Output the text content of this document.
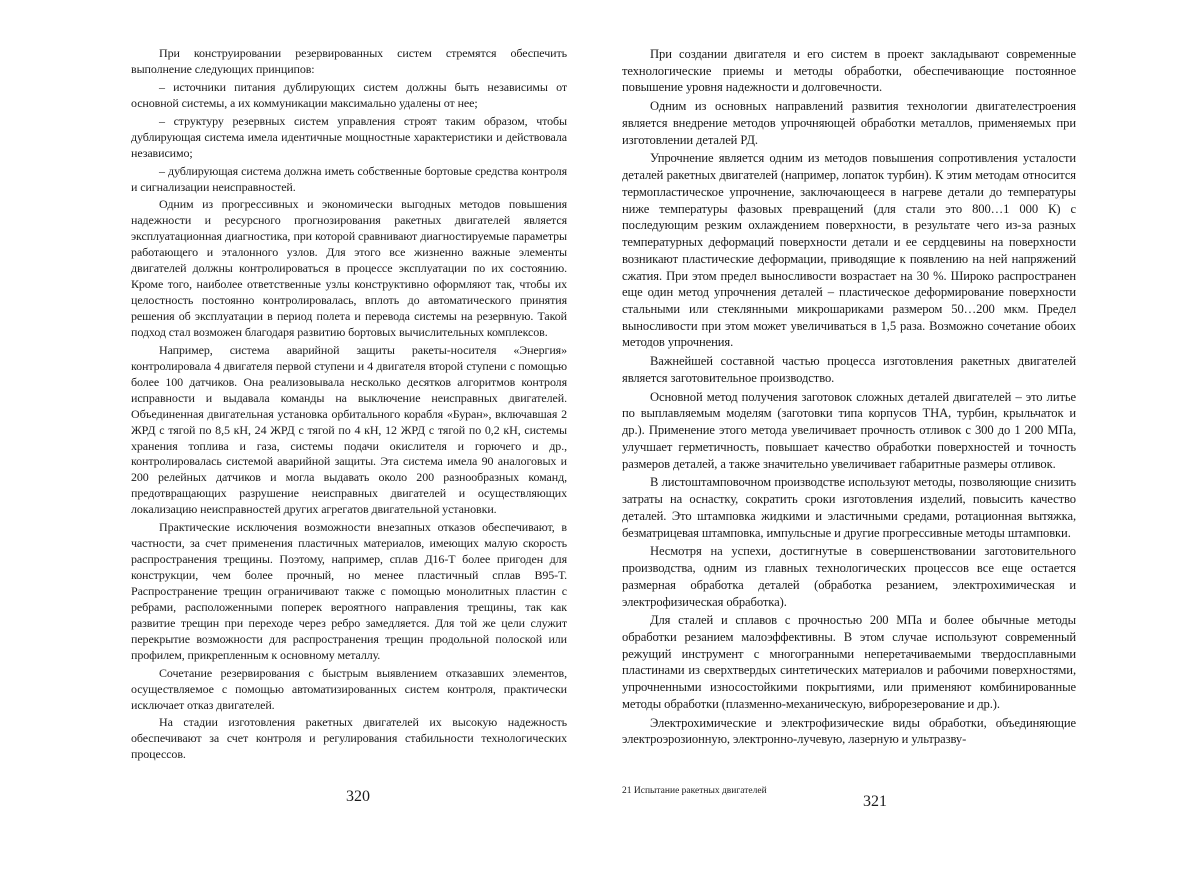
При конструировании резервированных систем стремятся обеспечить выполнение следующих принципов:

– источники питания дублирующих систем должны быть независимы от основной системы, а их коммуникации максимально удалены от нее;

– структуру резервных систем управления строят таким образом, чтобы дублирующая система имела идентичные мощностные характеристики и действовала независимо;

– дублирующая система должна иметь собственные бортовые средства контроля и сигнализации неисправностей.

Одним из прогрессивных и экономически выгодных методов повышения надежности и ресурсного прогнозирования ракетных двигателей является эксплуатационная диагностика, при которой сравнивают диагностируемые параметры работающего и эталонного узлов. Для этого все жизненно важные элементы двигателей должны контролироваться в процессе эксплуатации по их состоянию. Кроме того, наиболее ответственные узлы конструктивно оформляют так, чтобы их целостность постоянно контролировалась, вплоть до автоматического принятия решения об эксплуатации в период полета и перевода системы на резервную. Такой подход стал возможен благодаря развитию бортовых вычислительных комплексов.

Например, система аварийной защиты ракеты-носителя «Энергия» контролировала 4 двигателя первой ступени и 4 двигателя второй ступени с помощью более 100 датчиков. Она реализовывала несколько десятков алгоритмов контроля исправности и выдавала команды на выключение неисправных двигателей. Объединенная двигательная установка орбитального корабля «Буран», включавшая 2 ЖРД с тягой по 8,5 кН, 24 ЖРД с тягой по 4 кН, 12 ЖРД с тягой по 0,2 кН, системы хранения топлива и газа, системы подачи окислителя и горючего и др., контролировалась системой аварийной защиты. Эта система имела 90 аналоговых и 200 релейных датчиков и могла выдавать около 200 разнообразных команд, предотвращающих разрушение неисправных двигателей и осуществляющих локализацию неисправностей других агрегатов двигательной установки.

Практические исключения возможности внезапных отказов обеспечивают, в частности, за счет применения пластичных материалов, имеющих малую скорость распространения трещины. Поэтому, например, сплав Д16-Т более пригоден для конструкции, чем более прочный, но менее пластичный сплав В95-Т. Распространение трещин ограничивают также с помощью монолитных пластин с ребрами, расположенными поперек вероятного направления трещины, так как развитие трещин при переходе через ребро замедляется. Для той же цели служит перекрытие возможности для распространения трещин продольной полоской или профилем, прикрепленным к основному металлу.

Сочетание резервирования с быстрым выявлением отказавших элементов, осуществляемое с помощью автоматизированных систем контроля, практически исключает отказ двигателей.

На стадии изготовления ракетных двигателей их высокую надежность обеспечивают за счет контроля и регулирования стабильности технологических процессов.

320

При создании двигателя и его систем в проект закладывают современные технологические приемы и методы обработки, обеспечивающие постоянное повышение уровня надежности и долговечности.

Одним из основных направлений развития технологии двигателестроения является внедрение методов упрочняющей обработки металлов, применяемых при изготовлении деталей РД.

Упрочнение является одним из методов повышения сопротивления усталости деталей ракетных двигателей (например, лопаток турбин). К этим методам относится термопластическое упрочнение, заключающееся в нагреве детали до температуры ниже температуры фазовых превращений (для стали это 800…1 000 К) с последующим резким охлаждением поверхности, в результате чего из-за разных температурных деформаций поверхности детали и ее сердцевины на поверхности возникают пластические деформации, приводящие к появлению на ней напряжений сжатия. При этом предел выносливости возрастает на 30 %. Широко распространен еще один метод упрочнения деталей – пластическое деформирование поверхности стальными или стеклянными микрошариками размером 50…200 мкм. Предел выносливости при этом может увеличиваться в 1,5 раза. Возможно сочетание обоих методов упрочнения.

Важнейшей составной частью процесса изготовления ракетных двигателей является заготовительное производство.

Основной метод получения заготовок сложных деталей двигателей – это литье по выплавляемым моделям (заготовки типа корпусов ТНА, турбин, крыльчаток и др.). Применение этого метода увеличивает прочность отливок с 300 до 1 200 МПа, улучшает герметичность, повышает качество обработки поверхностей и точность размеров деталей, а также значительно увеличивает габаритные размеры отливок.

В листоштамповочном производстве используют методы, позволяющие снизить затраты на оснастку, сократить сроки изготовления изделий, повысить качество деталей. Это штамповка жидкими и эластичными средами, ротационная вытяжка, безматрицевая штамповка, импульсные и другие прогрессивные методы штамповки.

Несмотря на успехи, достигнутые в совершенствовании заготовительного производства, одним из главных технологических процессов все еще остается размерная обработка деталей (обработка резанием, электрохимическая и электрофизическая обработка).

Для сталей и сплавов с прочностью 200 МПа и более обычные методы обработки резанием малоэффективны. В этом случае используют современный режущий инструмент с многогранными неперетачиваемыми твердосплавными пластинами из сверхтвердых синтетических материалов и рабочими поверхностями, упрочненными износостойкими покрытиями, или применяют комбинированные методы обработки (плазменно-механическую, виброрезерование и др.).

Электрохимические и электрофизические виды обработки, объединяющие электроэрозионную, электронно-лучевую, лазерную и ультразву-

21 Испытание ракетных двигателей
321
